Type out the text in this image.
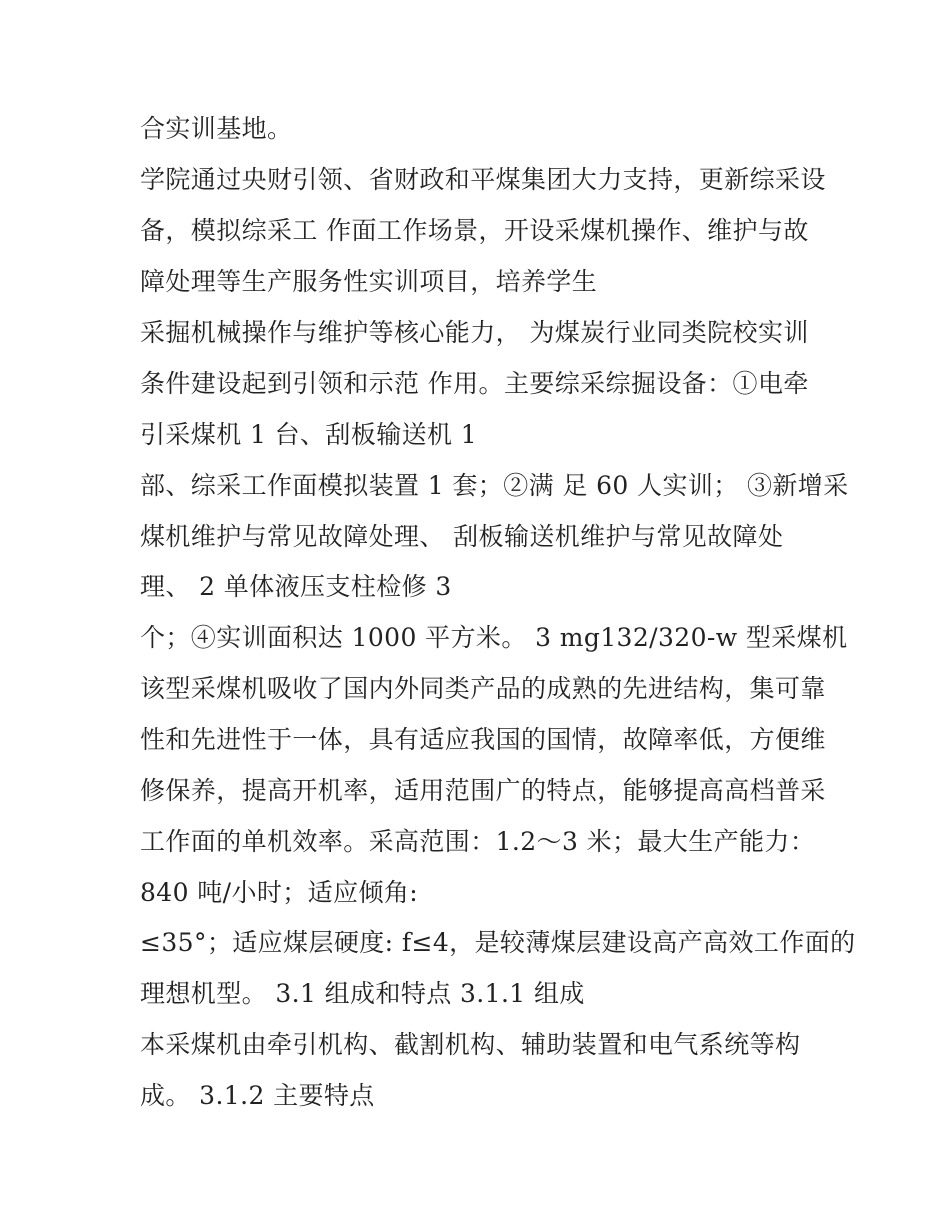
合实训基地。

学院通过央财引领、省财政和平煤集团大力支持，更新综采设

备，模拟综采工 作面工作场景，开设采煤机操作、维护与故

障处理等生产服务性实训项目，培养学生

采掘机械操作与维护等核心能力， 为煤炭行业同类院校实训

条件建设起到引领和示范 作用。主要综采综掘设备：①电牵

引采煤机 1 台、刮板输送机 1

部、综采工作面模拟装置 1 套；②满 足 60 人实训； ③新增采

煤机维护与常见故障处理、 刮板输送机维护与常见故障处

理、 2 单体液压支柱检修 3

个；④实训面积达 1000 平方米。 3 mg132/320-w 型采煤机

该型采煤机吸收了国内外同类产品的成熟的先进结构，集可靠

性和先进性于一体，具有适应我国的国情，故障率低，方便维

修保养，提高开机率，适用范围广的特点，能够提高高档普采

工作面的单机效率。采高范围：1.2～3 米；最大生产能力：

840 吨/小时；适应倾角:

≤35°；适应煤层硬度: f≤4，是较薄煤层建设高产高效工作面的

理想机型。 3.1 组成和特点 3.1.1 组成

本采煤机由牵引机构、截割机构、辅助装置和电气系统等构

成。 3.1.2 主要特点
